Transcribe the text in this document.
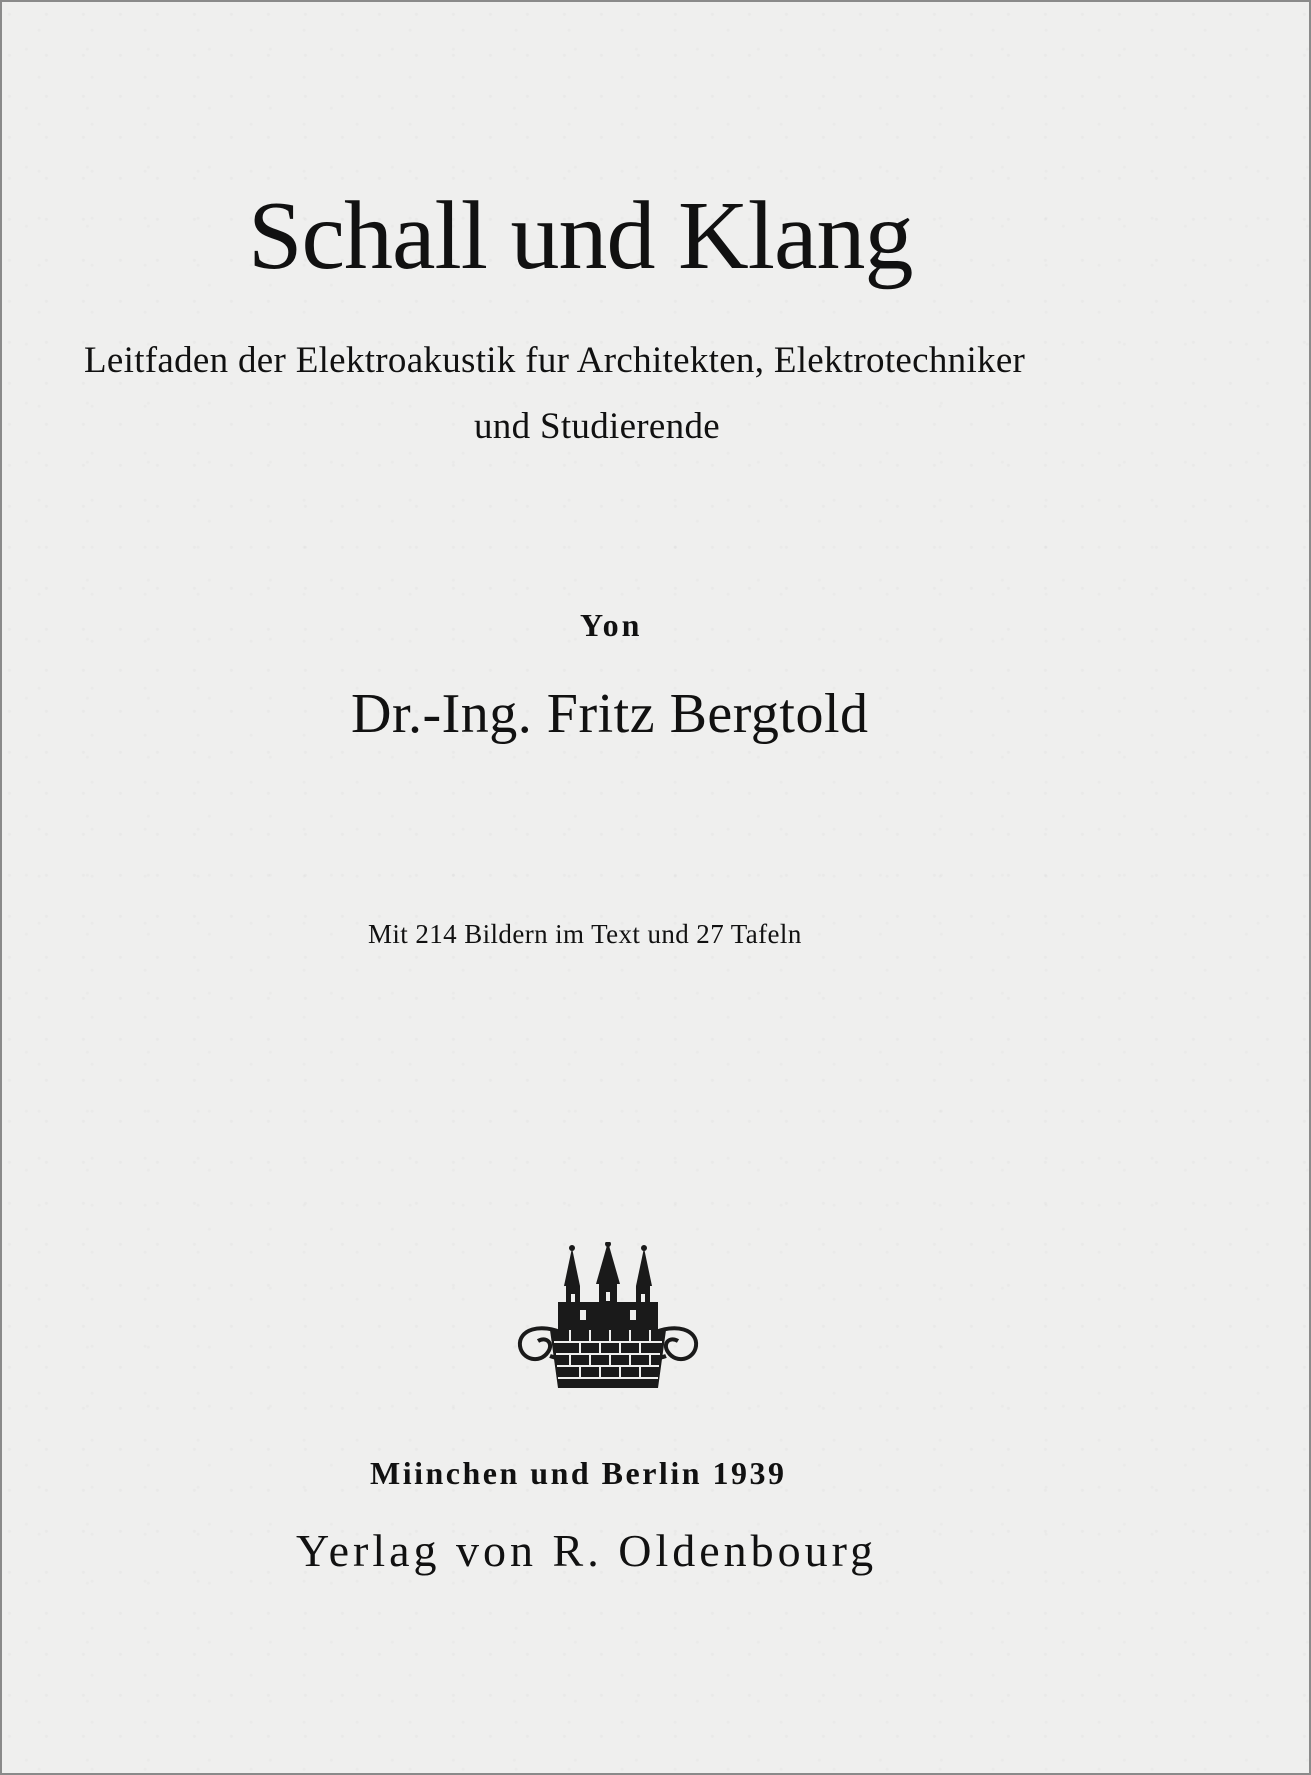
Schall und Klang
Leitfaden der Elektroakustik fur Architekten, Elektrotechniker
und Studierende
Yon
Dr.-Ing. Fritz Bergtold
Mit 214 Bildern im Text und 27 Tafeln
Miinchen und Berlin 1939
Yerlag von R. Oldenbourg
